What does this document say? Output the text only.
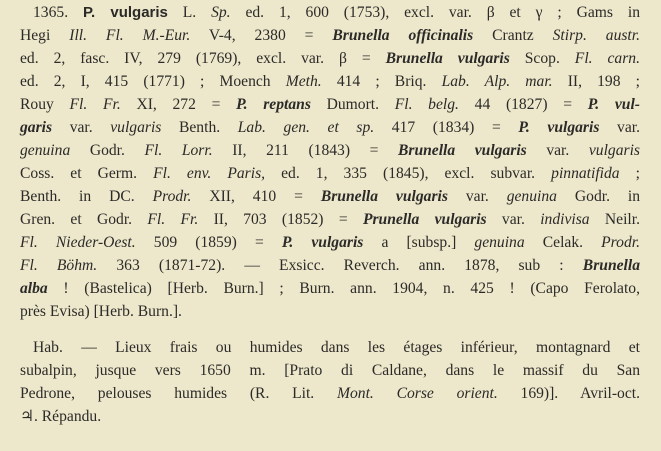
1365. P. vulgaris L. Sp. ed. 1, 600 (1753), excl. var. β et γ ; Gams in
Hegi Ill. Fl. M.-Eur. V-4, 2380 = Brunella officinalis Crantz Stirp. austr.
ed. 2, fasc. IV, 279 (1769), excl. var. β = Brunella vulgaris Scop. Fl. carn.
ed. 2, I, 415 (1771) ; Moench Meth. 414 ; Briq. Lab. Alp. mar. II, 198 ;
Rouy Fl. Fr. XI, 272 = P. reptans Dumort. Fl. belg. 44 (1827) = P. vul-
garis var. vulgaris Benth. Lab. gen. et sp. 417 (1834) = P. vulgaris var.
genuina Godr. Fl. Lorr. II, 211 (1843) = Brunella vulgaris var. vulgaris
Coss. et Germ. Fl. env. Paris, ed. 1, 335 (1845), excl. subvar. pinnatifida ;
Benth. in DC. Prodr. XII, 410 = Brunella vulgaris var. genuina Godr. in
Gren. et Godr. Fl. Fr. II, 703 (1852) = Prunella vulgaris var. indivisa Neilr.
Fl. Nieder-Oest. 509 (1859) = P. vulgaris a [subsp.] genuina Celak. Prodr.
Fl. Böhm. 363 (1871-72). — Exsicc. Reverch. ann. 1878, sub : Brunella
alba ! (Bastelica) [Herb. Burn.] ; Burn. ann. 1904, n. 425 ! (Capo Ferolato,
près Evisa) [Herb. Burn.].
Hab. — Lieux frais ou humides dans les étages inférieur, montagnard et
subalpin, jusque vers 1650 m. [Prato di Caldane, dans le massif du San
Pedrone, pelouses humides (R. Lit. Mont. Corse orient. 169)]. Avril-oct.
♃. Répandu.
